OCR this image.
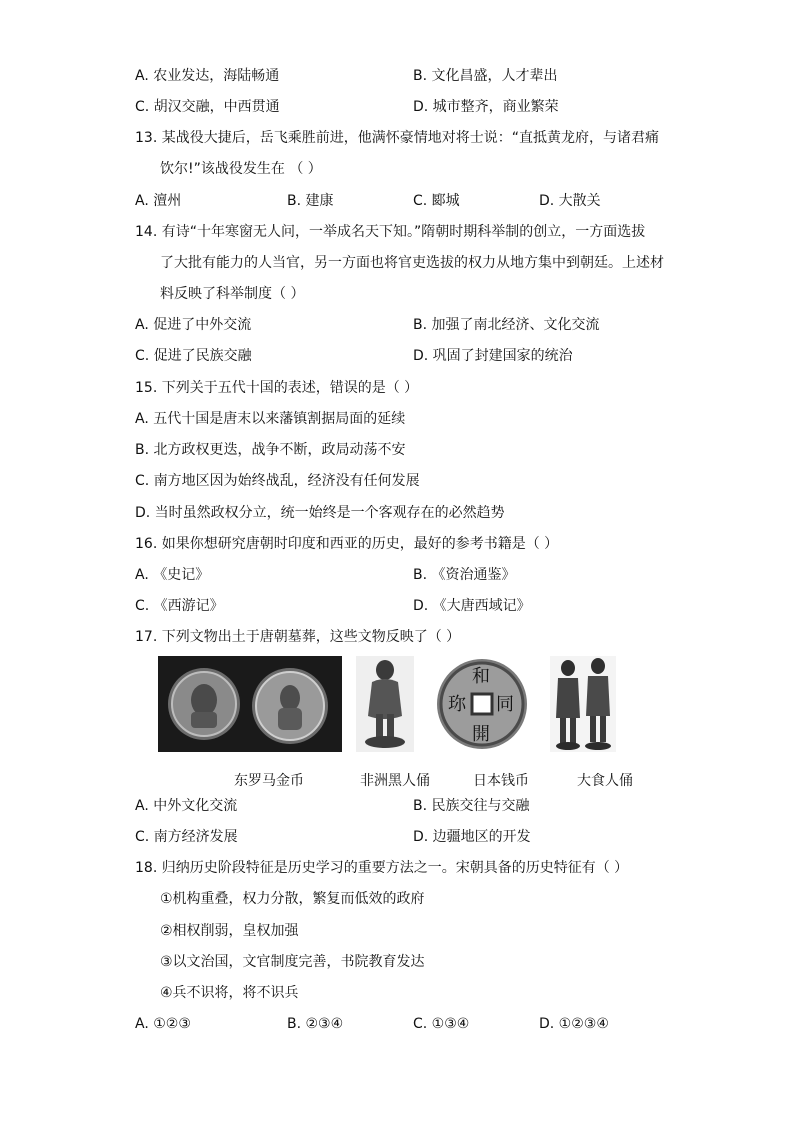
A. 农业发达，海陆畅通	B. 文化昌盛，人才辈出
C. 胡汉交融，中西贯通	D. 城市整齐，商业繁荣
13. 某战役大捷后，岳飞乘胜前进，他满怀豪情地对将士说：“直抵黄龙府，与诸君痛
饮尔!”该战役发生在 （ ）
A. 澶州	B. 建康	C. 郾城	D. 大散关
14. 有诗“十年寒窗无人问，一举成名天下知。”隋朝时期科举制的创立，一方面选拔
了大批有能力的人当官，另一方面也将官吏选拔的权力从地方集中到朝廷。上述材
料反映了科举制度（ ）
A. 促进了中外交流	B. 加强了南北经济、文化交流
C. 促进了民族交融	D. 巩固了封建国家的统治
15. 下列关于五代十国的表述，错误的是（ ）
A. 五代十国是唐末以来藩镇割据局面的延续
B. 北方政权更迭，战争不断，政局动荡不安
C. 南方地区因为始终战乱，经济没有任何发展
D. 当时虽然政权分立，统一始终是一个客观存在的必然趋势
16. 如果你想研究唐朝时印度和西亚的历史，最好的参考书籍是（ ）
A. 《史记》	B. 《资治通鉴》
C. 《西游记》	D. 《大唐西域记》
17. 下列文物出土于唐朝墓葬，这些文物反映了（ ）
和
同
開
珎
东罗马金币	非洲黑人俑	日本钱币	大食人俑
A. 中外文化交流	B. 民族交往与交融
C. 南方经济发展	D. 边疆地区的开发
18. 归纳历史阶段特征是历史学习的重要方法之一。宋朝具备的历史特征有（ ）
①机构重叠，权力分散，繁复而低效的政府
②相权削弱，皇权加强
③以文治国，文官制度完善，书院教育发达
④兵不识将，将不识兵
A. ①②③	B. ②③④	C. ①③④	D. ①②③④
